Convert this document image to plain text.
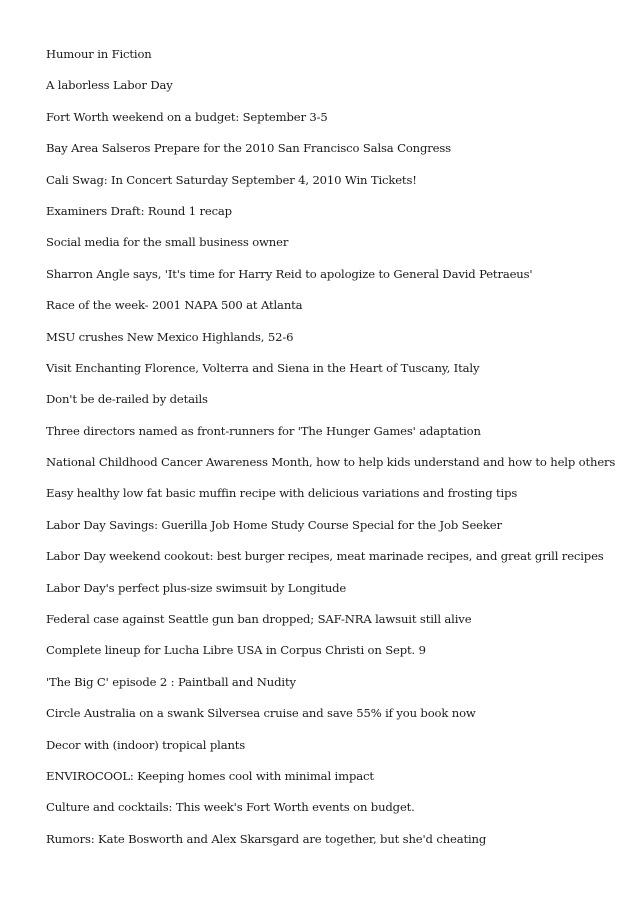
Humour in Fiction
A laborless Labor Day
Fort Worth weekend on a budget: September 3-5
Bay Area Salseros Prepare for the 2010 San Francisco Salsa Congress
Cali Swag: In Concert Saturday September 4, 2010 Win Tickets!
Examiners Draft: Round 1 recap
Social media for the small business owner
Sharron Angle says, 'It's time for Harry Reid to apologize to General David Petraeus'
Race of the week- 2001 NAPA 500 at Atlanta
MSU crushes New Mexico Highlands, 52-6
Visit Enchanting Florence, Volterra and Siena in the Heart of Tuscany, Italy
Don't be de-railed by details
Three directors named as front-runners for 'The Hunger Games' adaptation
National Childhood Cancer Awareness Month, how to help kids understand and how to help others
Easy healthy low fat basic muffin recipe with delicious variations and frosting tips
Labor Day Savings: Guerilla Job Home Study Course Special for the Job Seeker
Labor Day weekend cookout: best burger recipes, meat marinade recipes, and great grill recipes
Labor Day's perfect plus-size swimsuit by Longitude
Federal case against Seattle gun ban dropped; SAF-NRA lawsuit still alive
Complete lineup for Lucha Libre USA in Corpus Christi on Sept. 9
'The Big C' episode 2 : Paintball and Nudity
Circle Australia on a swank Silversea cruise and save 55% if you book now
Decor with (indoor) tropical plants
ENVIROCOOL: Keeping homes cool with minimal impact
Culture and cocktails: This week's Fort Worth events on budget.
Rumors: Kate Bosworth and Alex Skarsgard are together, but she'd cheating
